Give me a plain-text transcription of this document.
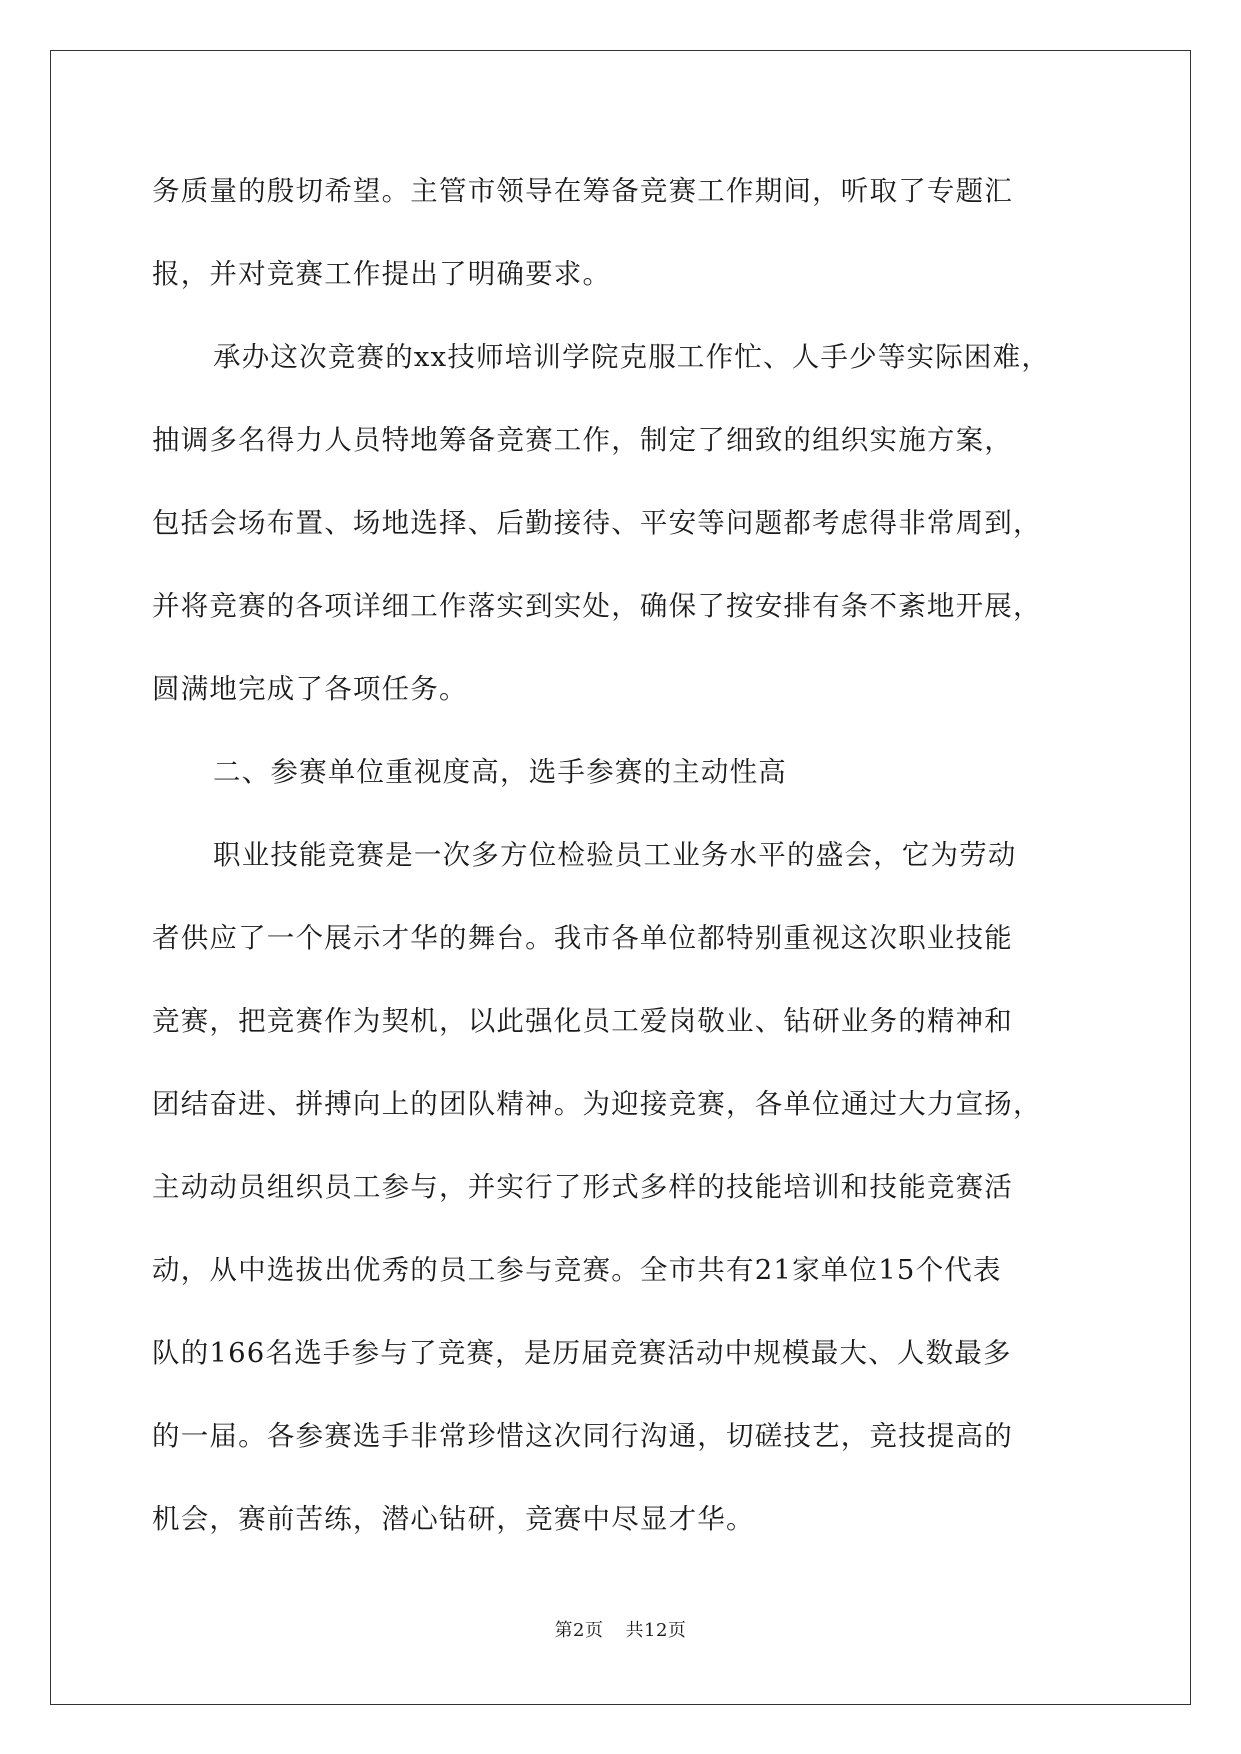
务质量的殷切希望。主管市领导在筹备竞赛工作期间，听取了专题汇
报，并对竞赛工作提出了明确要求。
承办这次竞赛的xx技师培训学院克服工作忙、人手少等实际困难，
抽调多名得力人员特地筹备竞赛工作，制定了细致的组织实施方案，
包括会场布置、场地选择、后勤接待、平安等问题都考虑得非常周到，
并将竞赛的各项详细工作落实到实处，确保了按安排有条不紊地开展，
圆满地完成了各项任务。
二、参赛单位重视度高，选手参赛的主动性高
职业技能竞赛是一次多方位检验员工业务水平的盛会，它为劳动
者供应了一个展示才华的舞台。我市各单位都特别重视这次职业技能
竞赛，把竞赛作为契机，以此强化员工爱岗敬业、钻研业务的精神和
团结奋进、拼搏向上的团队精神。为迎接竞赛，各单位通过大力宣扬，
主动动员组织员工参与，并实行了形式多样的技能培训和技能竞赛活
动，从中选拔出优秀的员工参与竞赛。全市共有21家单位15个代表
队的166名选手参与了竞赛，是历届竞赛活动中规模最大、人数最多
的一届。各参赛选手非常珍惜这次同行沟通，切磋技艺，竞技提高的
机会，赛前苦练，潜心钻研，竞赛中尽显才华。
第2页 共12页
